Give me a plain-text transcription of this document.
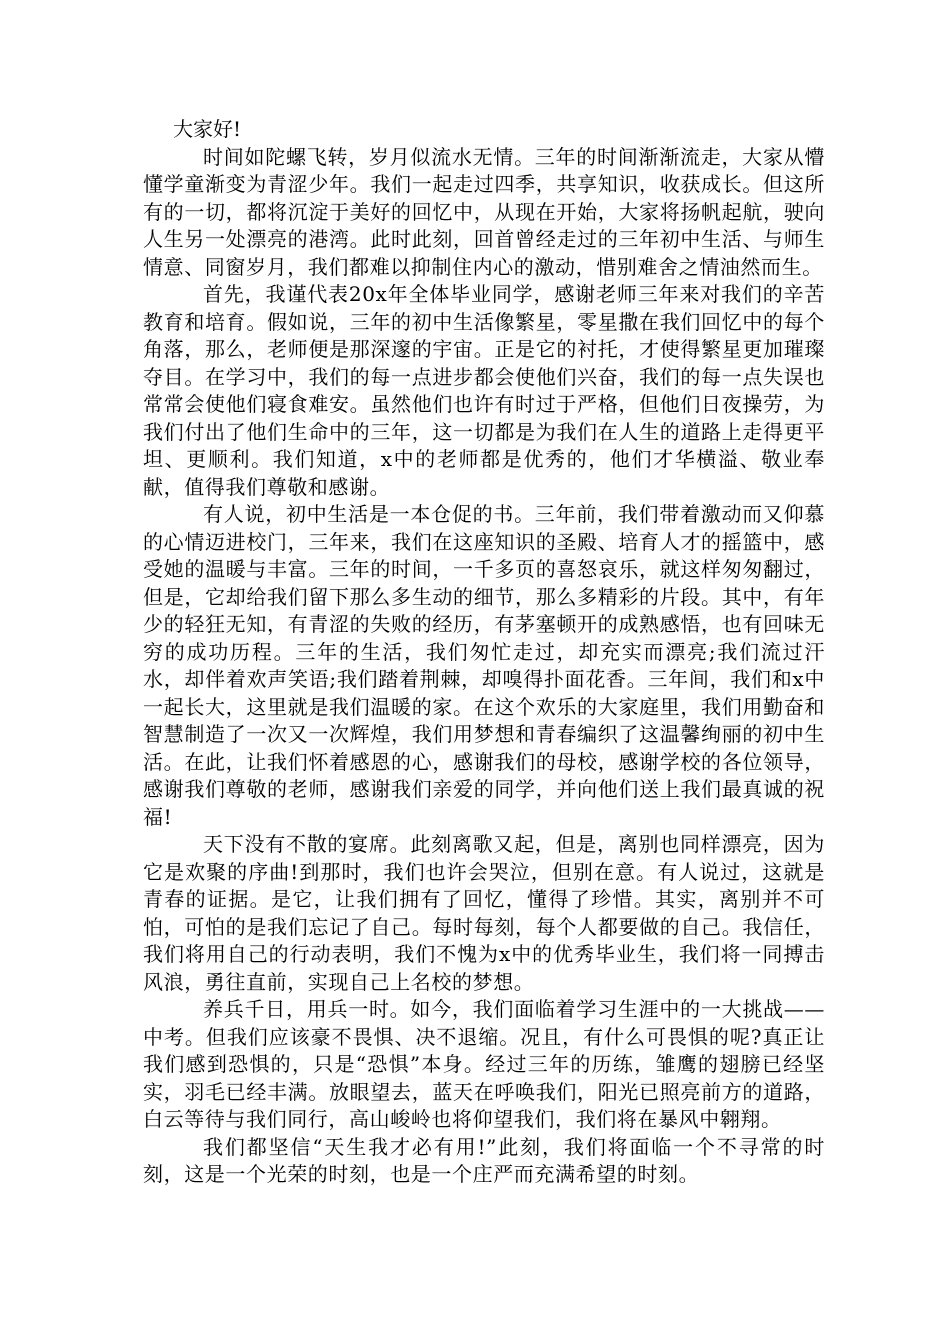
大家好!

时间如陀螺飞转，岁月似流水无情。三年的时间渐渐流走，大家从懵懂学童渐变为青涩少年。我们一起走过四季，共享知识，收获成长。但这所有的一切，都将沉淀于美好的回忆中，从现在开始，大家将扬帆起航，驶向人生另一处漂亮的港湾。此时此刻，回首曾经走过的三年初中生活、与师生情意、同窗岁月，我们都难以抑制住内心的激动，惜别难舍之情油然而生。

首先，我谨代表20x年全体毕业同学，感谢老师三年来对我们的辛苦教育和培育。假如说，三年的初中生活像繁星，零星撒在我们回忆中的每个角落，那么，老师便是那深邃的宇宙。正是它的衬托，才使得繁星更加璀璨夺目。在学习中，我们的每一点进步都会使他们兴奋，我们的每一点失误也常常会使他们寝食难安。虽然他们也许有时过于严格，但他们日夜操劳，为我们付出了他们生命中的三年，这一切都是为我们在人生的道路上走得更平坦、更顺利。我们知道，x中的老师都是优秀的，他们才华横溢、敬业奉献，值得我们尊敬和感谢。

有人说，初中生活是一本仓促的书。三年前，我们带着激动而又仰慕的心情迈进校门，三年来，我们在这座知识的圣殿、培育人才的摇篮中，感受她的温暖与丰富。三年的时间，一千多页的喜怒哀乐，就这样匆匆翻过，但是，它却给我们留下那么多生动的细节，那么多精彩的片段。其中，有年少的轻狂无知，有青涩的失败的经历，有茅塞顿开的成熟感悟，也有回味无穷的成功历程。三年的生活，我们匆忙走过，却充实而漂亮;我们流过汗水，却伴着欢声笑语;我们踏着荆棘，却嗅得扑面花香。三年间，我们和x中一起长大，这里就是我们温暖的家。在这个欢乐的大家庭里，我们用勤奋和智慧制造了一次又一次辉煌，我们用梦想和青春编织了这温馨绚丽的初中生活。在此，让我们怀着感恩的心，感谢我们的母校，感谢学校的各位领导，感谢我们尊敬的老师，感谢我们亲爱的同学，并向他们送上我们最真诚的祝福!

天下没有不散的宴席。此刻离歌又起，但是，离别也同样漂亮，因为它是欢聚的序曲!到那时，我们也许会哭泣，但别在意。有人说过，这就是青春的证据。是它，让我们拥有了回忆，懂得了珍惜。其实，离别并不可怕，可怕的是我们忘记了自己。每时每刻，每个人都要做的自己。我信任，我们将用自己的行动表明，我们不愧为x中的优秀毕业生，我们将一同搏击风浪，勇往直前，实现自己上名校的梦想。

养兵千日，用兵一时。如今，我们面临着学习生涯中的一大挑战——中考。但我们应该豪不畏惧、决不退缩。况且，有什么可畏惧的呢?真正让我们感到恐惧的，只是“恐惧”本身。经过三年的历练，雏鹰的翅膀已经坚实，羽毛已经丰满。放眼望去，蓝天在呼唤我们，阳光已照亮前方的道路，白云等待与我们同行，高山峻岭也将仰望我们，我们将在暴风中翱翔。

我们都坚信“天生我才必有用!”此刻，我们将面临一个不寻常的时刻，这是一个光荣的时刻，也是一个庄严而充满希望的时刻。
